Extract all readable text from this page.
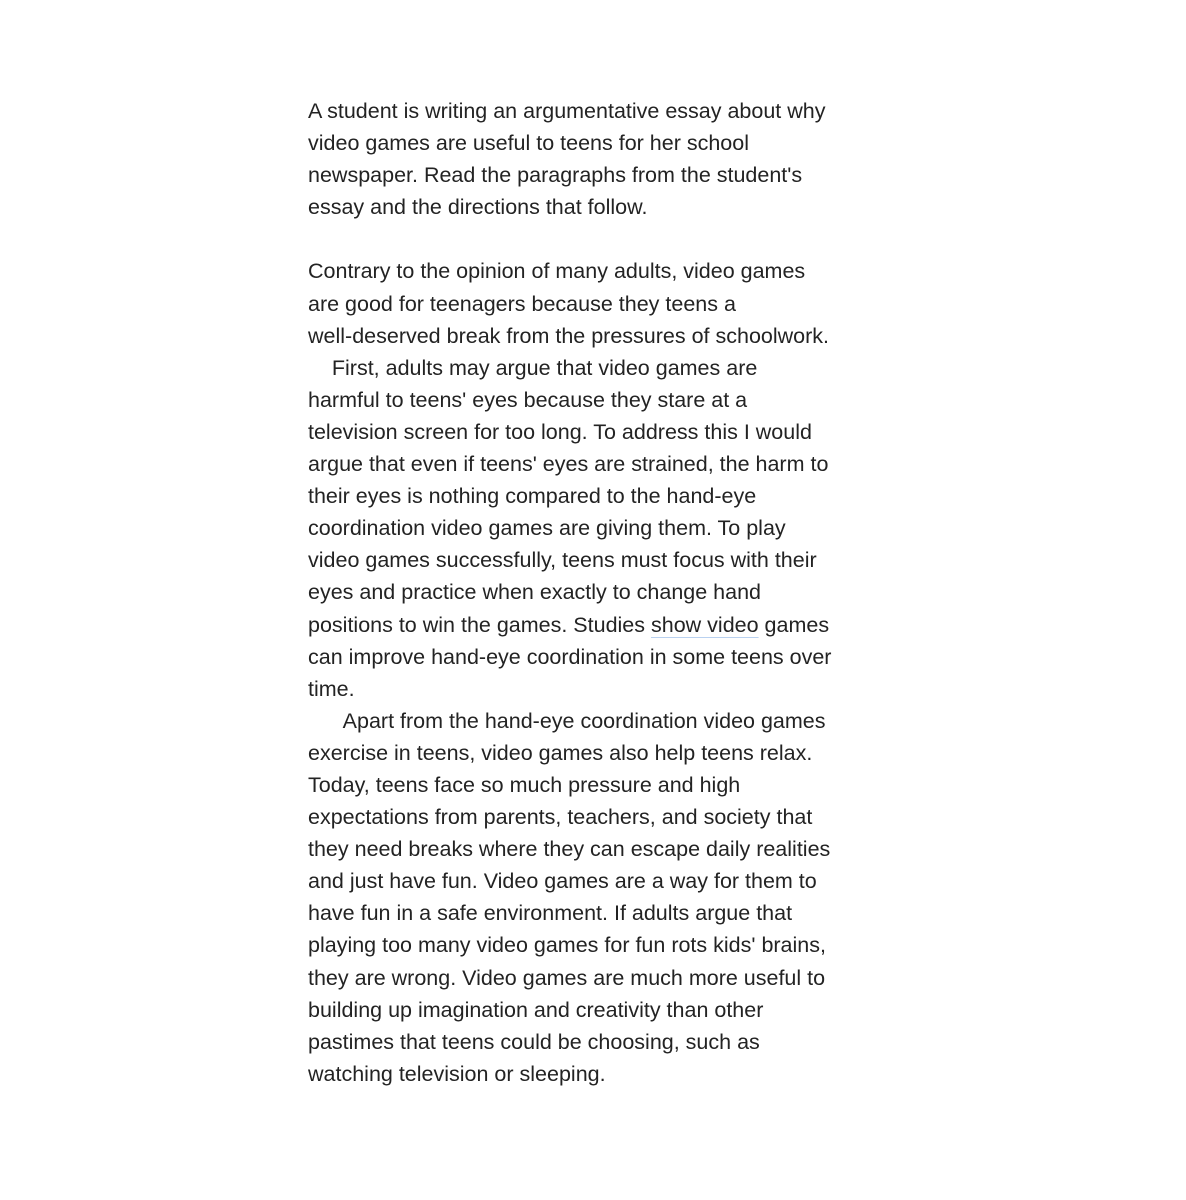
A student is writing an argumentative essay about why
video games are useful to teens for her school
newspaper. Read the paragraphs from the student's
essay and the directions that follow.
Contrary to the opinion of many adults, video games
are good for teenagers because they teens a
well-deserved break from the pressures of schoolwork.
First, adults may argue that video games are
harmful to teens' eyes because they stare at a
television screen for too long. To address this I would
argue that even if teens' eyes are strained, the harm to
their eyes is nothing compared to the hand-eye
coordination video games are giving them. To play
video games successfully, teens must focus with their
eyes and practice when exactly to change hand
positions to win the games. Studies show video games
can improve hand-eye coordination in some teens over
time.
Apart from the hand-eye coordination video games
exercise in teens, video games also help teens relax.
Today, teens face so much pressure and high
expectations from parents, teachers, and society that
they need breaks where they can escape daily realities
and just have fun. Video games are a way for them to
have fun in a safe environment. If adults argue that
playing too many video games for fun rots kids' brains,
they are wrong. Video games are much more useful to
building up imagination and creativity than other
pastimes that teens could be choosing, such as
watching television or sleeping.
